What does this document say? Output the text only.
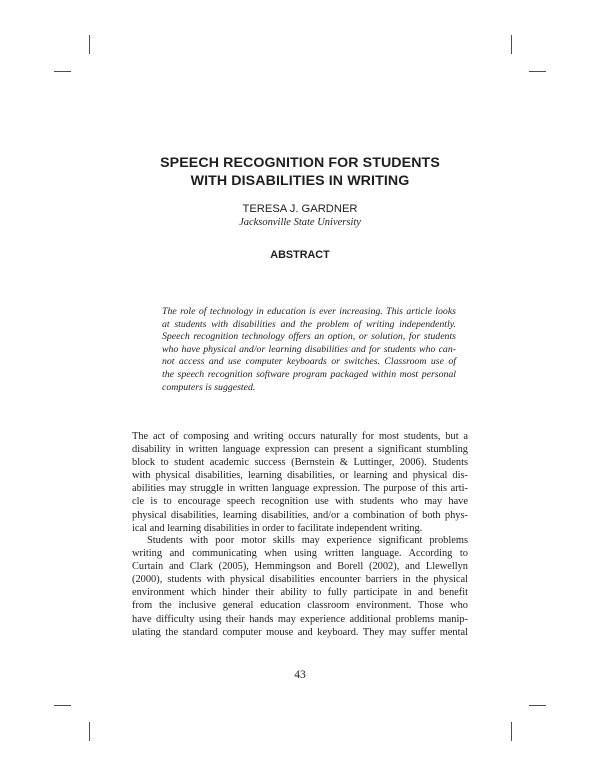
SPEECH RECOGNITION FOR STUDENTS
WITH DISABILITIES IN WRITING

TERESA J. GARDNER

Jacksonville State University

ABSTRACT

The role of technology in education is ever increasing. This article looks
at students with disabilities and the problem of writing independently.
Speech recognition technology offers an option, or solution, for students
who have physical and/or learning disabilities and for students who can-
not access and use computer keyboards or switches. Classroom use of
the speech recognition software program packaged within most personal
computers is suggested.

The act of composing and writing occurs naturally for most students, but a
disability in written language expression can present a significant stumbling
block to student academic success (Bernstein & Luttinger, 2006). Students
with physical disabilities, learning disabilities, or learning and physical dis-
abilities may struggle in written language expression. The purpose of this arti-
cle is to encourage speech recognition use with students who may have
physical disabilities, learning disabilities, and/or a combination of both phys-
ical and learning disabilities in order to facilitate independent writing.

Students with poor motor skills may experience significant problems
writing and communicating when using written language. According to
Curtain and Clark (2005), Hemmingson and Borell (2002), and Llewellyn
(2000), students with physical disabilities encounter barriers in the physical
environment which hinder their ability to fully participate in and benefit
from the inclusive general education classroom environment. Those who
have difficulty using their hands may experience additional problems manip-
ulating the standard computer mouse and keyboard. They may suffer mental

43
